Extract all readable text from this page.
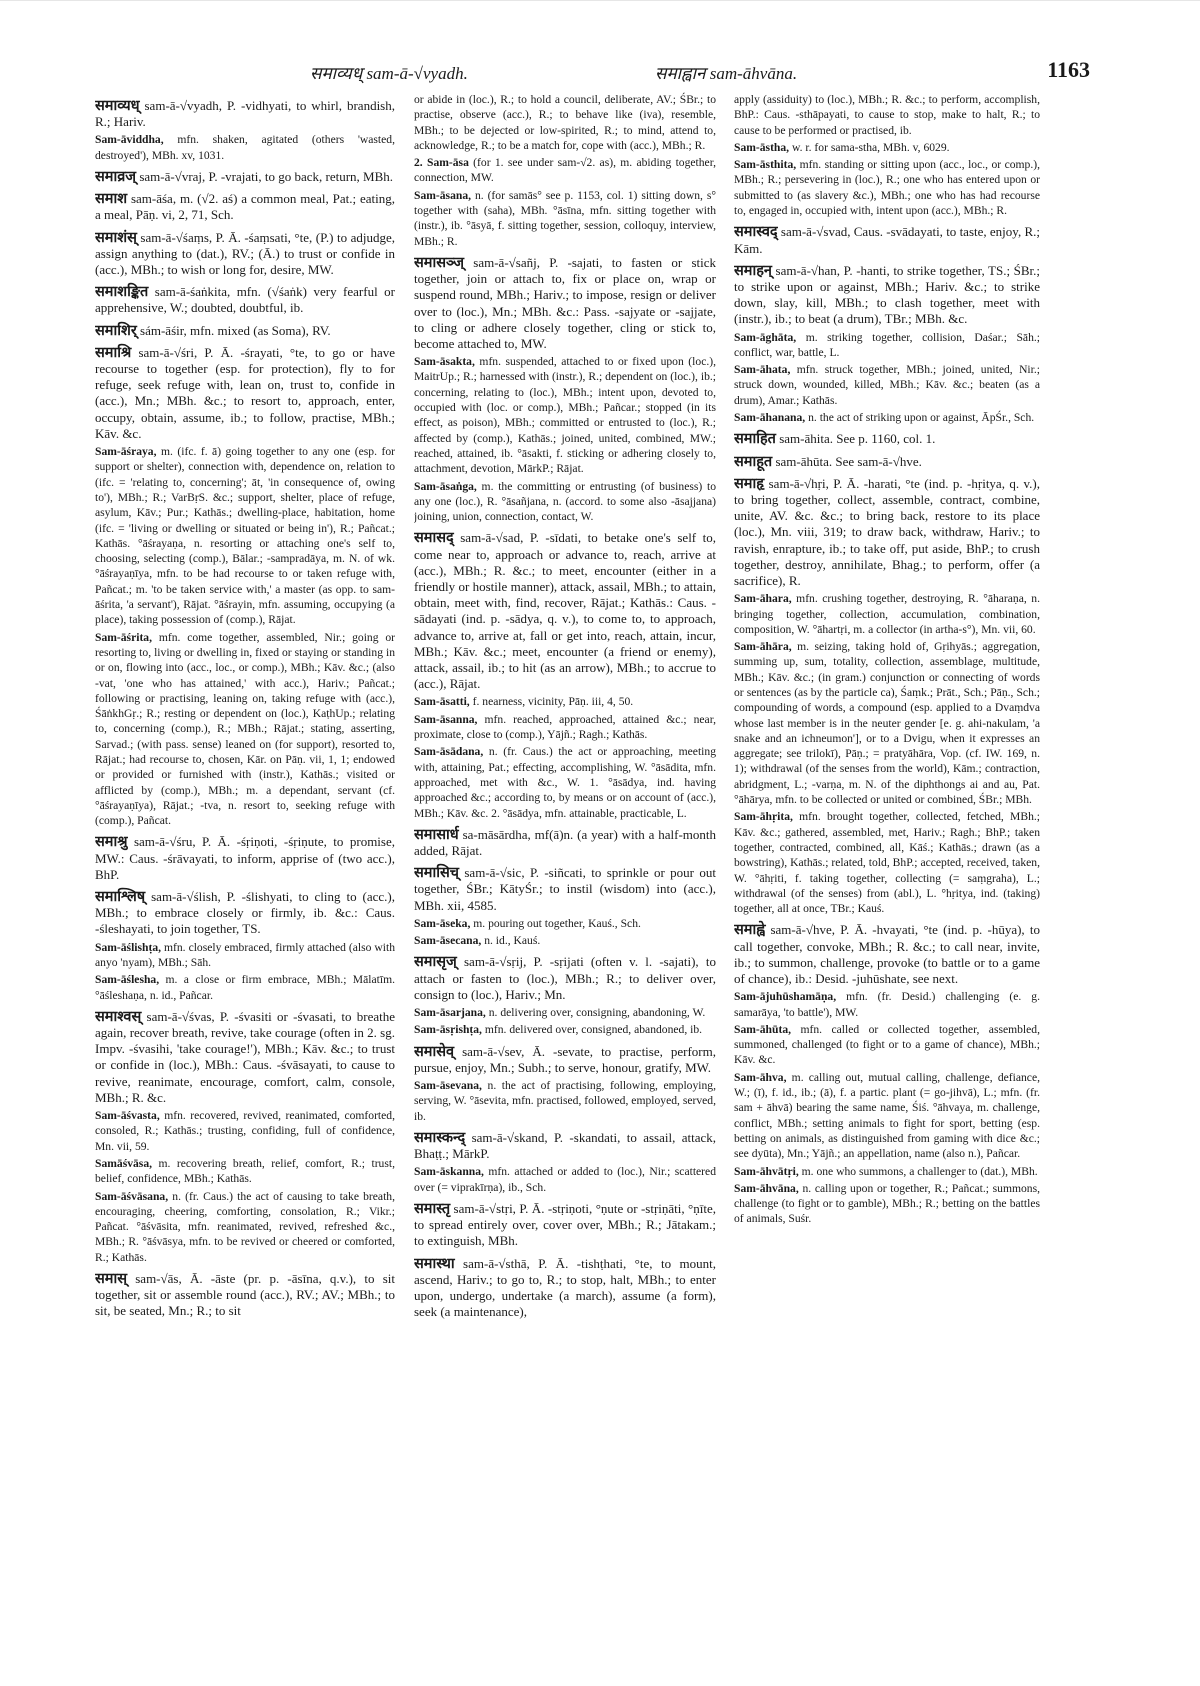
समाव्यध् sam-ā-√vyadh.	समाह्वान sam-āhvāna.	1163

समाव्यध् sam-ā-√vyadh, P. -vidhyati, to whirl, brandish, R.; Hariv.

Sam-āviddha, mfn. shaken, agitated (others 'wasted, destroyed'), MBh. xv, 1031.

समाव्रज् sam-ā-√vraj, P. -vrajati, to go back, return, MBh.

समाश sam-āśa, m. (√2. aś) a common meal, Pat.; eating, a meal, Pāṇ. vi, 2, 71, Sch.

समाशंस् sam-ā-√śaṃs, P. Ā. -śaṃsati, °te, (P.) to adjudge, assign anything to (dat.), RV.; (Ā.) to trust or confide in (acc.), MBh.; to wish or long for, desire, MW.

समाशङ्कित sam-ā-śaṅkita, mfn. (√śaṅk) very fearful or apprehensive, W.; doubted, doubtful, ib.

समाशिर् sám-āśir, mfn. mixed (as Soma), RV.

समाश्रि sam-ā-√śri, P. Ā. -śrayati, °te, to go or have recourse to together (esp. for protection), fly to for refuge, seek refuge with, lean on, trust to, confide in (acc.), Mn.; MBh. &c.; to resort to, approach, enter, occupy, obtain, assume, ib.; to follow, practise, MBh.; Kāv. &c.

Sam-āśraya, m. (ifc. f. ā) going together to any one (esp. for support or shelter), connection with, dependence on, relation to (ifc. = 'relating to, concerning'; āt, 'in consequence of, owing to'), MBh.; R.; VarBṛS. &c.; support, shelter, place of refuge, asylum, Kāv.; Pur.; Kathās.; dwelling-place, habitation, home (ifc. = 'living or dwelling or situated or being in'), R.; Pañcat.; Kathās. °āśrayaṇa, n. resorting or attaching one's self to, choosing, selecting (comp.), Bālar.; -sampradāya, m. N. of wk. °āśrayaṇīya, mfn. to be had recourse to or taken refuge with, Pañcat.; m. 'to be taken service with,' a master (as opp. to sam-āśrita, 'a servant'), Rājat. °āśrayin, mfn. assuming, occupying (a place), taking possession of (comp.), Rājat.

Sam-āśrita, mfn. come together, assembled, Nir.; going or resorting to, living or dwelling in, fixed or staying or standing in or on, flowing into (acc., loc., or comp.), MBh.; Kāv. &c.; (also -vat, 'one who has attained,' with acc.), Hariv.; Pañcat.; following or practising, leaning on, taking refuge with (acc.), ŚāṅkhGṛ.; R.; resting or dependent on (loc.), KaṭhUp.; relating to, concerning (comp.), R.; MBh.; Rājat.; stating, asserting, Sarvad.; (with pass. sense) leaned on (for support), resorted to, Rājat.; had recourse to, chosen, Kār. on Pāṇ. vii, 1, 1; endowed or provided or furnished with (instr.), Kathās.; visited or afflicted by (comp.), MBh.; m. a dependant, servant (cf. °āśrayaṇīya), Rājat.; -tva, n. resort to, seeking refuge with (comp.), Pañcat.

समाश्रु sam-ā-√śru, P. Ā. -śṛiṇoti, -śṛiṇute, to promise, MW.: Caus. -śrāvayati, to inform, apprise of (two acc.), BhP.

समाश्लिष् sam-ā-√ślish, P. -ślishyati, to cling to (acc.), MBh.; to embrace closely or firmly, ib. &c.: Caus. -śleshayati, to join together, TS.

Sam-āślishṭa, mfn. closely embraced, firmly attached (also with anyo 'nyam), MBh.; Sāh.

Sam-āślesha, m. a close or firm embrace, MBh.; Mālatīm. °āśleshaṇa, n. id., Pañcar.

समाश्वस् sam-ā-√śvas, P. -śvasiti or -śvasati, to breathe again, recover breath, revive, take courage (often in 2. sg. Impv. -śvasihi, 'take courage!'), MBh.; Kāv. &c.; to trust or confide in (loc.), MBh.: Caus. -śvāsayati, to cause to revive, reanimate, encourage, comfort, calm, console, MBh.; R. &c.

Sam-āśvasta, mfn. recovered, revived, reanimated, comforted, consoled, R.; Kathās.; trusting, confiding, full of confidence, Mn. vii, 59.

Samāśvāsa, m. recovering breath, relief, comfort, R.; trust, belief, confidence, MBh.; Kathās.

Sam-āśvāsana, n. (fr. Caus.) the act of causing to take breath, encouraging, cheering, comforting, consolation, R.; Vikr.; Pañcat. °āśvāsita, mfn. reanimated, revived, refreshed &c., MBh.; R. °āśvāsya, mfn. to be revived or cheered or comforted, R.; Kathās.

समास् sam-√ās, Ā. -āste (pr. p. -āsīna, q.v.), to sit together, sit or assemble round (acc.), RV.; AV.; MBh.; to sit, be seated, Mn.; R.; to sit

or abide in (loc.), R.; to hold a council, deliberate, AV.; ŚBr.; to practise, observe (acc.), R.; to behave like (iva), resemble, MBh.; to be dejected or low-spirited, R.; to mind, attend to, acknowledge, R.; to be a match for, cope with (acc.), MBh.; R.

2. Sam-āsa (for 1. see under sam-√2. as), m. abiding together, connection, MW.

Sam-āsana, n. (for samās° see p. 1153, col. 1) sitting down, s° together with (saha), MBh. °āsīna, mfn. sitting together with (instr.), ib. °āsyā, f. sitting together, session, colloquy, interview, MBh.; R.

समासञ्ज् sam-ā-√sañj, P. -sajati, to fasten or stick together, join or attach to, fix or place on, wrap or suspend round, MBh.; Hariv.; to impose, resign or deliver over to (loc.), Mn.; MBh. &c.: Pass. -sajyate or -sajjate, to cling or adhere closely together, cling or stick to, become attached to, MW.

Sam-āsakta, mfn. suspended, attached to or fixed upon (loc.), MaitrUp.; R.; harnessed with (instr.), R.; dependent on (loc.), ib.; concerning, relating to (loc.), MBh.; intent upon, devoted to, occupied with (loc. or comp.), MBh.; Pañcar.; stopped (in its effect, as poison), MBh.; committed or entrusted to (loc.), R.; affected by (comp.), Kathās.; joined, united, combined, MW.; reached, attained, ib. °āsakti, f. sticking or adhering closely to, attachment, devotion, MārkP.; Rājat.

Sam-āsaṅga, m. the committing or entrusting (of business) to any one (loc.), R. °āsañjana, n. (accord. to some also -āsajjana) joining, union, connection, contact, W.

समासद् sam-ā-√sad, P. -sīdati, to betake one's self to, come near to, approach or advance to, reach, arrive at (acc.), MBh.; R. &c.; to meet, encounter (either in a friendly or hostile manner), attack, assail, MBh.; to attain, obtain, meet with, find, recover, Rājat.; Kathās.: Caus. -sādayati (ind. p. -sādya, q. v.), to come to, to approach, advance to, arrive at, fall or get into, reach, attain, incur, MBh.; Kāv. &c.; meet, encounter (a friend or enemy), attack, assail, ib.; to hit (as an arrow), MBh.; to accrue to (acc.), Rājat.

Sam-āsatti, f. nearness, vicinity, Pāṇ. iii, 4, 50.

Sam-āsanna, mfn. reached, approached, attained &c.; near, proximate, close to (comp.), Yājñ.; Ragh.; Kathās.

Sam-āsādana, n. (fr. Caus.) the act or approaching, meeting with, attaining, Pat.; effecting, accomplishing, W. °āsādita, mfn. approached, met with &c., W. 1. °āsādya, ind. having approached &c.; according to, by means or on account of (acc.), MBh.; Kāv. &c. 2. °āsādya, mfn. attainable, practicable, L.

समासार्ध sa-māsārdha, mf(ā)n. (a year) with a half-month added, Rājat.

समासिच् sam-ā-√sic, P. -siñcati, to sprinkle or pour out together, ŚBr.; KātyŚr.; to instil (wisdom) into (acc.), MBh. xii, 4585.

Sam-āseka, m. pouring out together, Kauś., Sch.

Sam-āsecana, n. id., Kauś.

समासृज् sam-ā-√sṛij, P. -sṛijati (often v. l. -sajati), to attach or fasten to (loc.), MBh.; R.; to deliver over, consign to (loc.), Hariv.; Mn.

Sam-āsarjana, n. delivering over, consigning, abandoning, W.

Sam-āsṛishṭa, mfn. delivered over, consigned, abandoned, ib.

समासेव् sam-ā-√sev, Ā. -sevate, to practise, perform, pursue, enjoy, Mn.; Subh.; to serve, honour, gratify, MW.

Sam-āsevana, n. the act of practising, following, employing, serving, W. °āsevita, mfn. practised, followed, employed, served, ib.

समास्कन्द् sam-ā-√skand, P. -skandati, to assail, attack, Bhaṭṭ.; MārkP.

Sam-āskanna, mfn. attached or added to (loc.), Nir.; scattered over (= viprakīrṇa), ib., Sch.

समास्तृ sam-ā-√stṛi, P. Ā. -stṛiṇoti, °ṇute or -stṛiṇāti, °ṇīte, to spread entirely over, cover over, MBh.; R.; Jātakam.; to extinguish, MBh.

समास्था sam-ā-√sthā, P. Ā. -tishṭhati, °te, to mount, ascend, Hariv.; to go to, R.; to stop, halt, MBh.; to enter upon, undergo, undertake (a march), assume (a form), seek (a maintenance),

apply (assiduity) to (loc.), MBh.; R. &c.; to perform, accomplish, BhP.: Caus. -sthāpayati, to cause to stop, make to halt, R.; to cause to be performed or practised, ib.

Sam-āstha, w. r. for sama-stha, MBh. v, 6029.

Sam-āsthita, mfn. standing or sitting upon (acc., loc., or comp.), MBh.; R.; persevering in (loc.), R.; one who has entered upon or submitted to (as slavery &c.), MBh.; one who has had recourse to, engaged in, occupied with, intent upon (acc.), MBh.; R.

समास्वद् sam-ā-√svad, Caus. -svādayati, to taste, enjoy, R.; Kām.

समाहन् sam-ā-√han, P. -hanti, to strike together, TS.; ŚBr.; to strike upon or against, MBh.; Hariv. &c.; to strike down, slay, kill, MBh.; to clash together, meet with (instr.), ib.; to beat (a drum), TBr.; MBh. &c.

Sam-āghāta, m. striking together, collision, Daśar.; Sāh.; conflict, war, battle, L.

Sam-āhata, mfn. struck together, MBh.; joined, united, Nir.; struck down, wounded, killed, MBh.; Kāv. &c.; beaten (as a drum), Amar.; Kathās.

Sam-āhanana, n. the act of striking upon or against, ĀpŚr., Sch.

समाहित sam-āhita. See p. 1160, col. 1.

समाहूत sam-āhūta. See sam-ā-√hve.

समाहृ sam-ā-√hṛi, P. Ā. -harati, °te (ind. p. -hṛitya, q. v.), to bring together, collect, assemble, contract, combine, unite, AV. &c. &c.; to bring back, restore to its place (loc.), Mn. viii, 319; to draw back, withdraw, Hariv.; to ravish, enrapture, ib.; to take off, put aside, BhP.; to crush together, destroy, annihilate, Bhag.; to perform, offer (a sacrifice), R.

Sam-āhara, mfn. crushing together, destroying, R. °āharaṇa, n. bringing together, collection, accumulation, combination, composition, W. °āhartṛi, m. a collector (in artha-s°), Mn. vii, 60.

Sam-āhāra, m. seizing, taking hold of, Gṛihyās.; aggregation, summing up, sum, totality, collection, assemblage, multitude, MBh.; Kāv. &c.; (in gram.) conjunction or connecting of words or sentences (as by the particle ca), Śaṃk.; Prāt., Sch.; Pāṇ., Sch.; compounding of words, a compound (esp. applied to a Dvaṃdva whose last member is in the neuter gender [e. g. ahi-nakulam, 'a snake and an ichneumon'], or to a Dvigu, when it expresses an aggregate; see trilokī), Pāṇ.; = pratyāhāra, Vop. (cf. IW. 169, n. 1); withdrawal (of the senses from the world), Kām.; contraction, abridgment, L.; -varṇa, m. N. of the diphthongs ai and au, Pat. °āhārya, mfn. to be collected or united or combined, ŚBr.; MBh.

Sam-āhṛita, mfn. brought together, collected, fetched, MBh.; Kāv. &c.; gathered, assembled, met, Hariv.; Ragh.; BhP.; taken together, contracted, combined, all, Kāś.; Kathās.; drawn (as a bowstring), Kathās.; related, told, BhP.; accepted, received, taken, W. °āhṛiti, f. taking together, collecting (= saṃgraha), L.; withdrawal (of the senses) from (abl.), L. °hṛitya, ind. (taking) together, all at once, TBr.; Kauś.

समाह्वे sam-ā-√hve, P. Ā. -hvayati, °te (ind. p. -hūya), to call together, convoke, MBh.; R. &c.; to call near, invite, ib.; to summon, challenge, provoke (to battle or to a game of chance), ib.: Desid. -juhūshate, see next.

Sam-ājuhūshamāṇa, mfn. (fr. Desid.) challenging (e. g. samarāya, 'to battle'), MW.

Sam-āhūta, mfn. called or collected together, assembled, summoned, challenged (to fight or to a game of chance), MBh.; Kāv. &c.

Sam-āhva, m. calling out, mutual calling, challenge, defiance, W.; (ī), f. id., ib.; (ā), f. a partic. plant (= go-jihvā), L.; mfn. (fr. sam + āhvā) bearing the same name, Śiś. °āhvaya, m. challenge, conflict, MBh.; setting animals to fight for sport, betting (esp. betting on animals, as distinguished from gaming with dice &c.; see dyūta), Mn.; Yājñ.; an appellation, name (also n.), Pañcar.

Sam-āhvātṛi, m. one who summons, a challenger to (dat.), MBh.

Sam-āhvāna, n. calling upon or together, R.; Pañcat.; summons, challenge (to fight or to gamble), MBh.; R.; betting on the battles of animals, Suśr.
